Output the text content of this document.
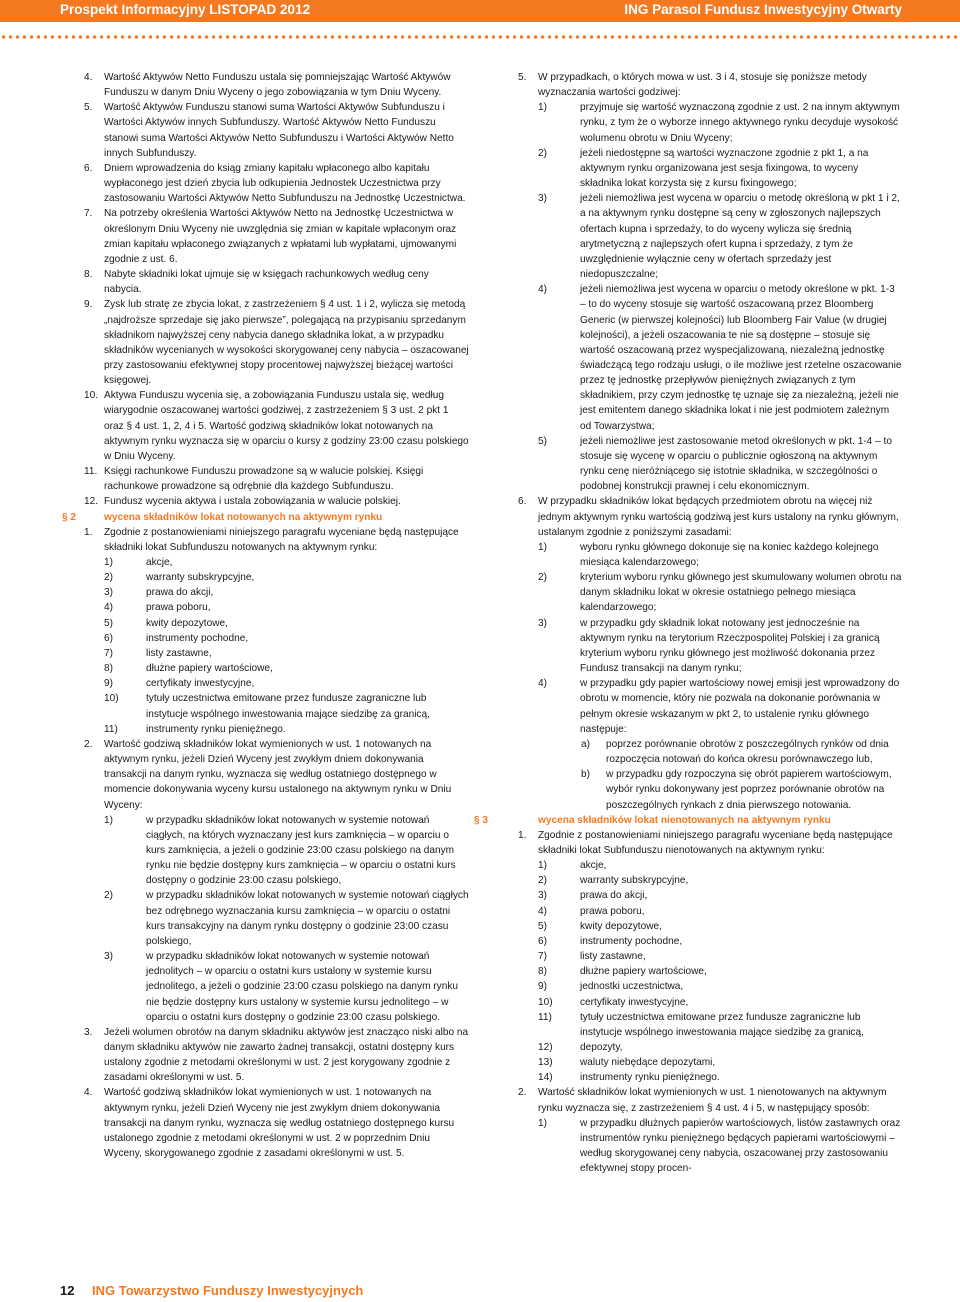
Prospekt Informacyjny LISTOPAD 2012	ING Parasol Fundusz Inwestycyjny Otwarty
4. Wartość Aktywów Netto Funduszu ustala się pomniejszając Wartość Aktywów Funduszu w danym Dniu Wyceny o jego zobowiązania w tym Dniu Wyceny.
5. Wartość Aktywów Funduszu stanowi suma Wartości Aktywów Subfunduszu i Wartości Aktywów innych Subfunduszy. Wartość Aktywów Netto Funduszu stanowi suma Wartości Aktywów Netto Subfunduszu i Wartości Aktywów Netto innych Subfunduszy.
6. Dniem wprowadzenia do ksiąg zmiany kapitału wpłaconego albo kapitału wypłaconego jest dzień zbycia lub odkupienia Jednostek Uczestnictwa przy zastosowaniu Wartości Aktywów Netto Subfunduszu na Jednostkę Uczestnictwa.
7. Na potrzeby określenia Wartości Aktywów Netto na Jednostkę Uczestnictwa w określonym Dniu Wyceny nie uwzględnia się zmian w kapitale wpłaconym oraz zmian kapitału wpłaconego związanych z wpłatami lub wypłatami, ujmowanymi zgodnie z ust. 6.
8. Nabyte składniki lokat ujmuje się w księgach rachunkowych według ceny nabycia.
9. Zysk lub stratę ze zbycia lokat, z zastrzeżeniem § 4 ust. 1 i 2, wylicza się metodą „najdroższe sprzedaje się jako pierwsze”, polegającą na przypisaniu sprzedanym składnikom najwyższej ceny nabycia danego składnika lokat, a w przypadku składników wycenianych w wysokości skorygowanej ceny nabycia – oszacowanej przy zastosowaniu efektywnej stopy procentowej najwyższej bieżącej wartości księgowej.
10. Aktywa Funduszu wycenia się, a zobowiązania Funduszu ustala się, według wiarygodnie oszacowanej wartości godziwej, z zastrzeżeniem § 3 ust. 2 pkt 1 oraz § 4 ust. 1, 2, 4 i 5. Wartość godziwą składników lokat notowanych na aktywnym rynku wyznacza się w oparciu o kursy z godziny 23:00 czasu polskiego w Dniu Wyceny.
11. Księgi rachunkowe Funduszu prowadzone są w walucie polskiej. Księgi rachunkowe prowadzone są odrębnie dla każdego Subfunduszu.
12. Fundusz wycenia aktywa i ustala zobowiązania w walucie polskiej.
§ 2	wycena składników lokat notowanych na aktywnym rynku
1. Zgodnie z postanowieniami niniejszego paragrafu wyceniane będą następujące składniki lokat Subfunduszu notowanych na aktywnym rynku:
1)	akcje,
2)	warranty subskrypcyjne,
3)	prawa do akcji,
4)	prawa poboru,
5)	kwity depozytowe,
6)	instrumenty pochodne,
7)	listy zastawne,
8)	dłużne papiery wartościowe,
9)	certyfikaty inwestycyjne,
10)	tytuły uczestnictwa emitowane przez fundusze zagraniczne lub instytucje wspólnego inwestowania mające siedzibę za granicą,
11)	instrumenty rynku pieniężnego.
2. Wartość godziwą składników lokat wymienionych w ust. 1 notowanych na aktywnym rynku, jeżeli Dzień Wyceny jest zwykłym dniem dokonywania transakcji na danym rynku, wyznacza się według ostatniego dostępnego w momencie dokonywania wyceny kursu ustalonego na aktywnym rynku w Dniu Wyceny:
1)	w przypadku składników lokat notowanych w systemie notowań ciągłych, na których wyznaczany jest kurs zamknięcia – w oparciu o kurs zamknięcia, a jeżeli o godzinie 23:00 czasu polskiego na danym rynku nie będzie dostępny kurs zamknięcia – w oparciu o ostatni kurs dostępny o godzinie 23:00 czasu polskiego,
2)	w przypadku składników lokat notowanych w systemie notowań ciągłych bez odrębnego wyznaczania kursu zamknięcia – w oparciu o ostatni kurs transakcyjny na danym rynku dostępny o godzinie 23:00 czasu polskiego,
3)	w przypadku składników lokat notowanych w systemie notowań jednolitych – w oparciu o ostatni kurs ustalony w systemie kursu jednolitego, a jeżeli o godzinie 23:00 czasu polskiego na danym rynku nie będzie dostępny kurs ustalony w systemie kursu jednolitego – w oparciu o ostatni kurs dostępny o godzinie 23:00 czasu polskiego.
3. Jeżeli wolumen obrotów na danym składniku aktywów jest znacząco niski albo na danym składniku aktywów nie zawarto żadnej transakcji, ostatni dostępny kurs ustalony zgodnie z metodami określonymi w ust. 2 jest korygowany zgodnie z zasadami określonymi w ust. 5.
4. Wartość godziwą składników lokat wymienionych w ust. 1 notowanych na aktywnym rynku, jeżeli Dzień Wyceny nie jest zwykłym dniem dokonywania transakcji na danym rynku, wyznacza się według ostatniego dostępnego kursu ustalonego zgodnie z metodami określonymi w ust. 2 w poprzednim Dniu Wyceny, skorygowanego zgodnie z zasadami określonymi w ust. 5.
5. W przypadkach, o których mowa w ust. 3 i 4, stosuje się poniższe metody wyznaczania wartości godziwej:
1)	przyjmuje się wartość wyznaczoną zgodnie z ust. 2 na innym aktywnym rynku, z tym że o wyborze innego aktywnego rynku decyduje wysokość wolumenu obrotu w Dniu Wyceny;
2)	jeżeli niedostępne są wartości wyznaczone zgodnie z pkt 1, a na aktywnym rynku organizowana jest sesja fixingowa, to wyceny składnika lokat korzysta się z kursu fixingowego;
3)	jeżeli niemożliwa jest wycena w oparciu o metodę określoną w pkt 1 i 2, a na aktywnym rynku dostępne są ceny w zgłoszonych najlepszych ofertach kupna i sprzedaży, to do wyceny wylicza się średnią arytmetyczną z najlepszych ofert kupna i sprzedaży, z tym że uwzględnienie wyłącznie ceny w ofertach sprzedaży jest niedopuszczalne;
4)	jeżeli niemożliwa jest wycena w oparciu o metody określone w pkt. 1-3 – to do wyceny stosuje się wartość oszacowaną przez Bloomberg Generic (w pierwszej kolejności) lub Bloomberg Fair Value (w drugiej kolejności), a jeżeli oszacowania te nie są dostępne – stosuje się wartość oszacowaną przez wyspecjalizowaną, niezależną jednostkę świadczącą tego rodzaju usługi, o ile możliwe jest rzetelne oszacowanie przez tę jednostkę przepływów pieniężnych związanych z tym składnikiem, przy czym jednostkę tę uznaje się za niezależną, jeżeli nie jest emitentem danego składnika lokat i nie jest podmiotem zależnym od Towarzystwa;
5)	jeżeli niemożliwe jest zastosowanie metod określonych w pkt. 1-4 – to stosuje się wycenę w oparciu o publicznie ogłoszoną na aktywnym rynku cenę nieróżniącego się istotnie składnika, w szczególności o podobnej konstrukcji prawnej i celu ekonomicznym.
6. W przypadku składników lokat będących przedmiotem obrotu na więcej niż jednym aktywnym rynku wartością godziwą jest kurs ustalony na rynku głównym, ustalanym zgodnie z poniższymi zasadami:
1)	wyboru rynku głównego dokonuje się na koniec każdego kolejnego miesiąca kalendarzowego;
2)	kryterium wyboru rynku głównego jest skumulowany wolumen obrotu na danym składniku lokat w okresie ostatniego pełnego miesiąca kalendarzowego;
3)	w przypadku gdy składnik lokat notowany jest jednocześnie na aktywnym rynku na terytorium Rzeczpospolitej Polskiej i za granicą kryterium wyboru rynku głównego jest możliwość dokonania przez Fundusz transakcji na danym rynku;
4)	w przypadku gdy papier wartościowy nowej emisji jest wprowadzony do obrotu w momencie, który nie pozwala na dokonanie porównania w pełnym okresie wskazanym w pkt 2, to ustalenie rynku głównego następuje:
a) poprzez porównanie obrotów z poszczególnych rynków od dnia rozpoczęcia notowań do końca okresu porównawczego lub,
b) w przypadku gdy rozpoczyna się obrót papierem wartościowym, wybór rynku dokonywany jest poprzez porównanie obrotów na poszczególnych rynkach z dnia pierwszego notowania.
§ 3	wycena składników lokat nienotowanych na aktywnym rynku
1. Zgodnie z postanowieniami niniejszego paragrafu wyceniane będą następujące składniki lokat Subfunduszu nienotowanych na aktywnym rynku:
1)	akcje,
2)	warranty subskrypcyjne,
3)	prawa do akcji,
4)	prawa poboru,
5)	kwity depozytowe,
6)	instrumenty pochodne,
7)	listy zastawne,
8)	dłużne papiery wartościowe,
9)	jednostki uczestnictwa,
10)	certyfikaty inwestycyjne,
11)	tytuły uczestnictwa emitowane przez fundusze zagraniczne lub instytucje wspólnego inwestowania mające siedzibę za granicą,
12)	depozyty,
13)	waluty niebędące depozytami,
14)	instrumenty rynku pieniężnego.
2. Wartość składników lokat wymienionych w ust. 1 nienotowanych na aktywnym rynku wyznacza się, z zastrzeżeniem § 4 ust. 4 i 5, w następujący sposób:
1)	w przypadku dłużnych papierów wartościowych, listów zastawnych oraz instrumentów rynku pieniężnego będących papierami wartościowymi – według skorygowanej ceny nabycia, oszacowanej przy zastosowaniu efektywnej stopy procen-
12 ING Towarzystwo Funduszy Inwestycyjnych
